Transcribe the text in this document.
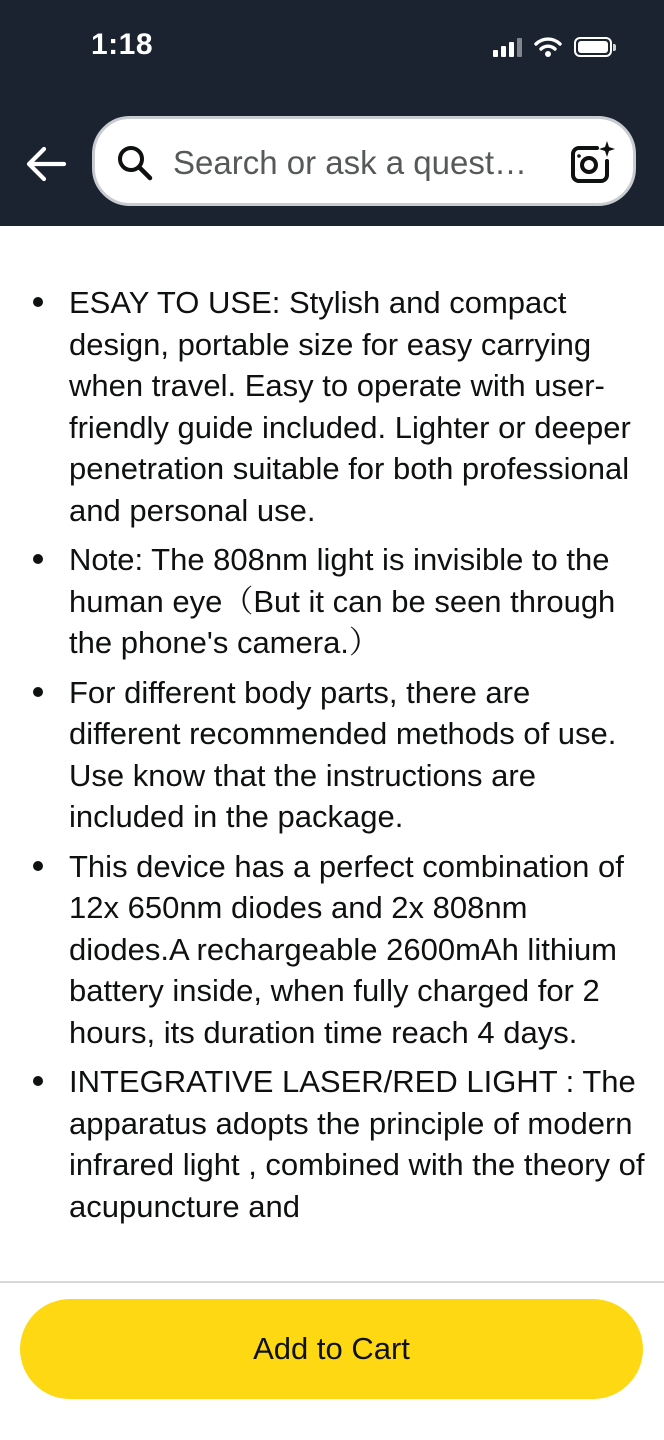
1:18
Search or ask a quest…
ESAY TO USE: Stylish and compact design, portable size for easy carrying when travel. Easy to operate with user-friendly guide included. Lighter or deeper penetration suitable for both professional and personal use.
Note: The 808nm light is invisible to the human eye（But it can be seen through the phone's camera.）
For different body parts, there are different recommended methods of use. Use know that the instructions are included in the package.
This device has a perfect combination of 12x 650nm diodes and 2x 808nm diodes.A rechargeable 2600mAh lithium battery inside, when fully charged for 2 hours, its duration time reach 4 days.
INTEGRATIVE LASER/RED LIGHT : The apparatus adopts the principle of modern infrared light , combined with the theory of acupuncture and
Add to Cart
